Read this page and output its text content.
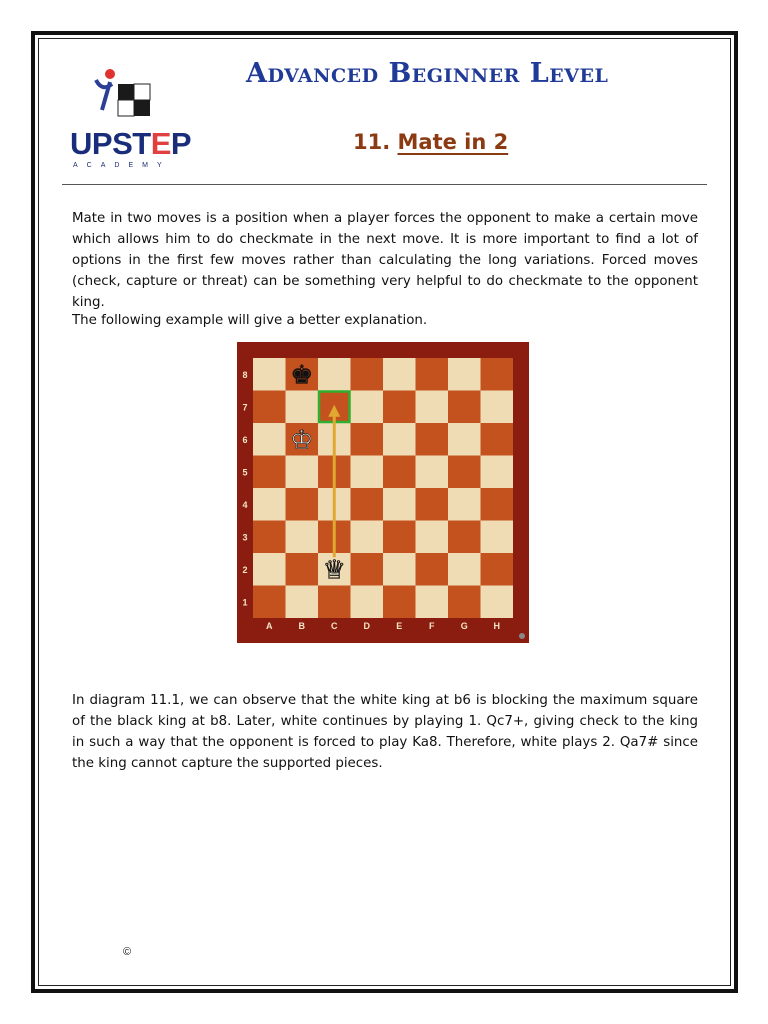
UPSTEP
ACADEMY
Advanced Beginner Level
11. Mate in 2

Mate in two moves is a position when a player forces the opponent to make a certain move which allows him to do checkmate in the next move. It is more important to find a lot of options in the first few moves rather than calculating the long variations. Forced moves (check, capture or threat) can be something very helpful to do checkmate to the opponent king.

The following example will give a better explanation.

8
7
6
5
4
3
2
1
A	B	C	D	E	F	G	H
♚
♔
♕

In diagram 11.1, we can observe that the white king at b6 is blocking the maximum square of the black king at b8. Later, white continues by playing 1. Qc7+, giving check to the king in such a way that the opponent is forced to play Ka8. Therefore, white plays 2. Qa7# since the king cannot capture the supported pieces.

©
